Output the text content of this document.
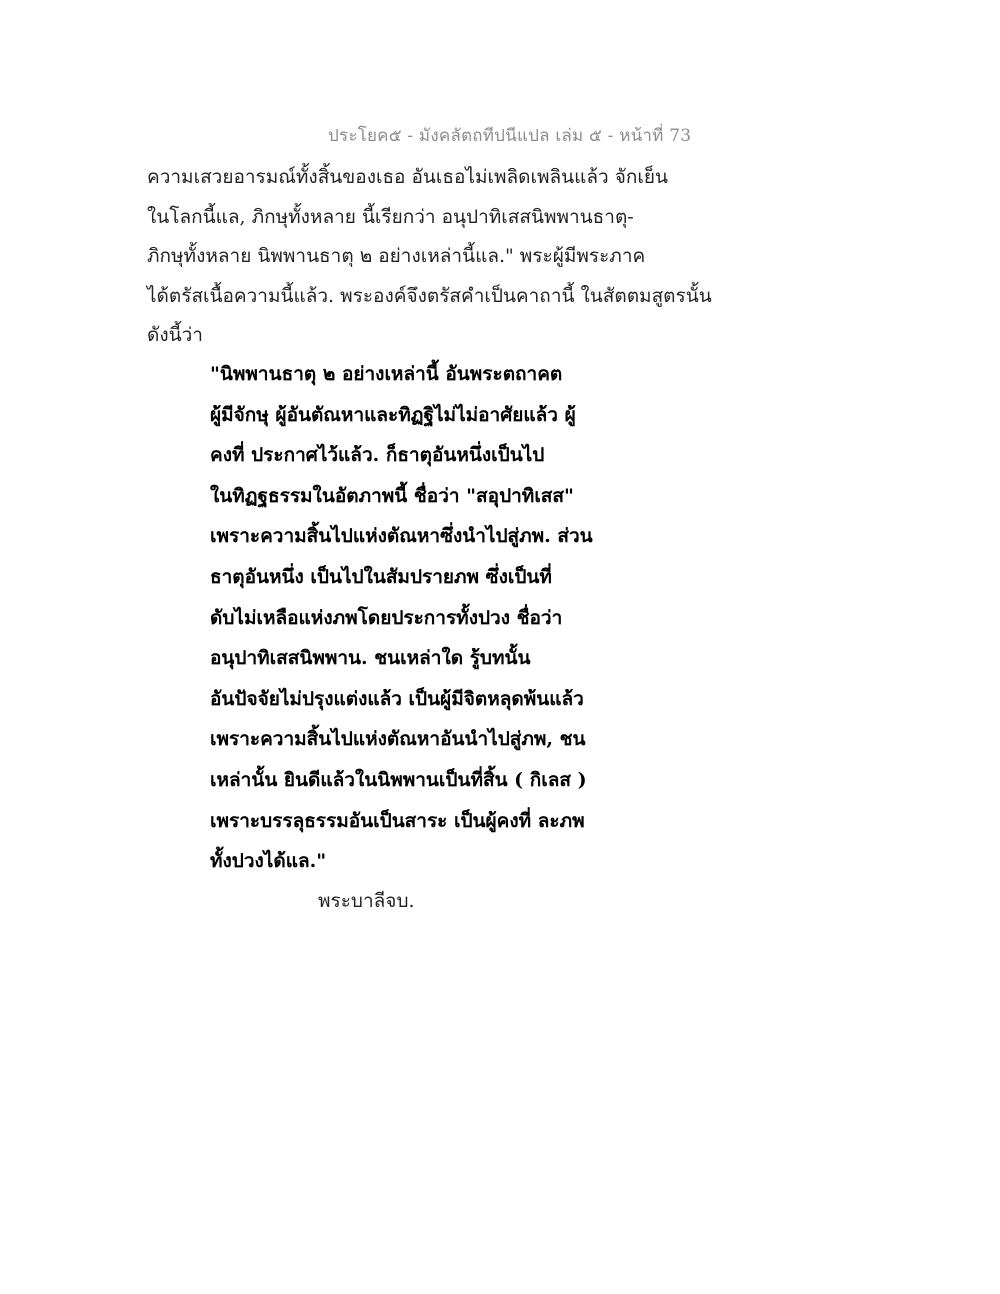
ประโยค๕ - มังคลัตถทีปนีแปล เล่ม ๕ - หน้าที่ 73
ความเสวยอารมณ์ทั้งสิ้นของเธอ อันเธอไม่เพลิดเพลินแล้ว จักเย็น
ในโลกนี้แล, ภิกษุทั้งหลาย นี้เรียกว่า อนุปาทิเสสนิพพานธาตุ-
ภิกษุทั้งหลาย นิพพานธาตุ ๒ อย่างเหล่านี้แล." พระผู้มีพระภาค
ได้ตรัสเนื้อความนี้แล้ว. พระองค์จึงตรัสคำเป็นคาถานี้ ในสัตตมสูตรนั้น
ดังนี้ว่า
"นิพพานธาตุ ๒ อย่างเหล่านี้ อันพระตถาคต
ผู้มีจักษุ ผู้อันตัณหาและทิฏฐิไม่ไม่อาศัยแล้ว ผู้
คงที่ ประกาศไว้แล้ว. ก็ธาตุอันหนึ่งเป็นไป
ในทิฏฐธรรมในอัตภาพนี้ ชื่อว่า "สอุปาทิเสส"
เพราะความสิ้นไปแห่งตัณหาซึ่งนำไปสู่ภพ. ส่วน
ธาตุอันหนึ่ง เป็นไปในสัมปรายภพ ซึ่งเป็นที่
ดับไม่เหลือแห่งภพโดยประการทั้งปวง ชื่อว่า
อนุปาทิเสสนิพพาน. ชนเหล่าใด รู้บทนั้น
อันปัจจัยไม่ปรุงแต่งแล้ว เป็นผู้มีจิตหลุดพ้นแล้ว
เพราะความสิ้นไปแห่งตัณหาอันนำไปสู่ภพ, ชน
เหล่านั้น ยินดีแล้วในนิพพานเป็นที่สิ้น ( กิเลส )
เพราะบรรลุธรรมอันเป็นสาระ เป็นผู้คงที่ ละภพ
ทั้งปวงได้แล."
พระบาลีจบ.
